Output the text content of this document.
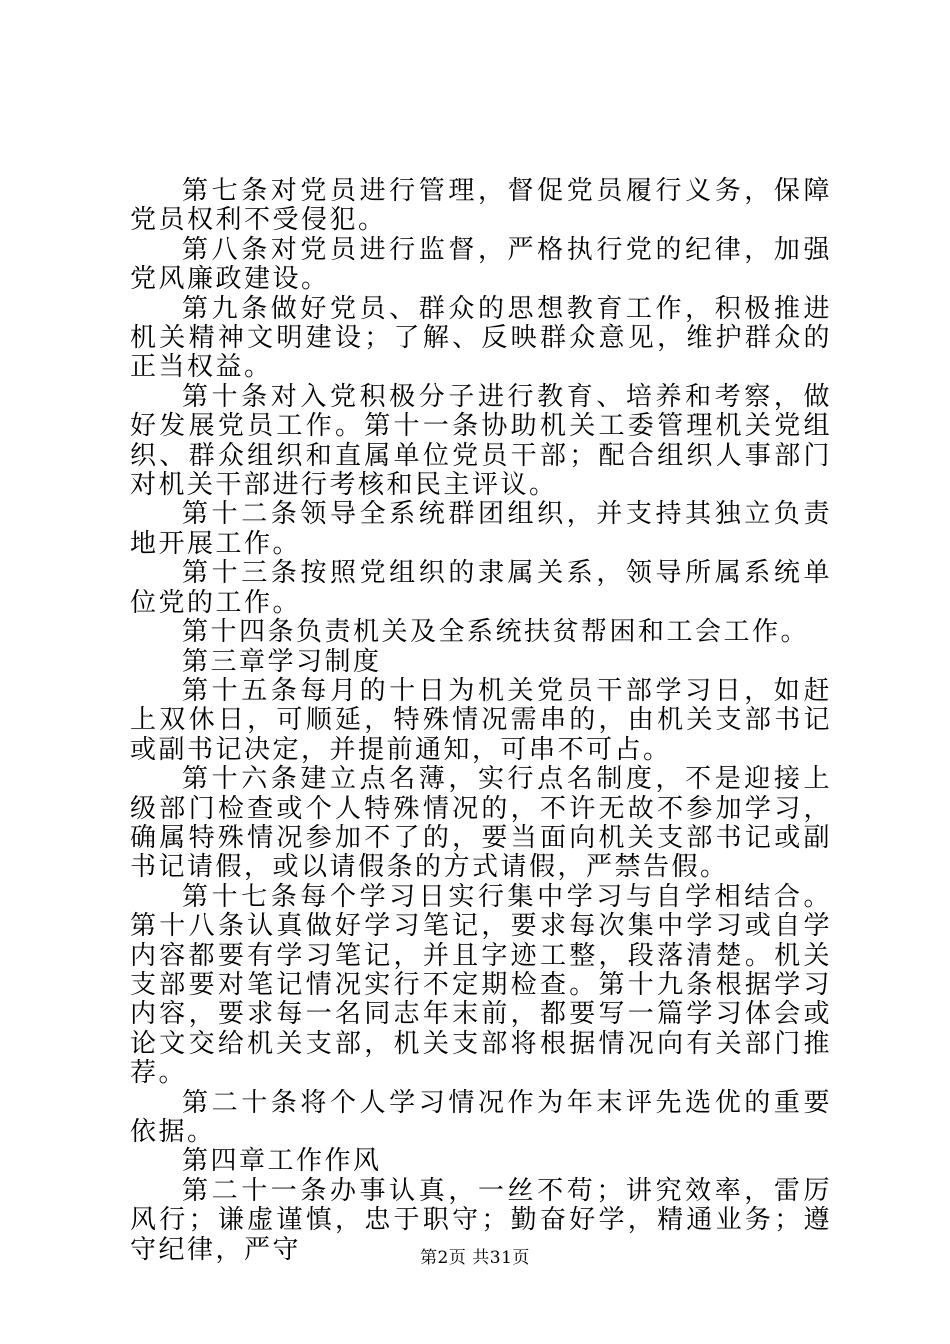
第七条对党员进行管理，督促党员履行义务，保障党员权利不受侵犯。

第八条对党员进行监督，严格执行党的纪律，加强党风廉政建设。

第九条做好党员、群众的思想教育工作，积极推进机关精神文明建设；了解、反映群众意见，维护群众的正当权益。

第十条对入党积极分子进行教育、培养和考察，做好发展党员工作。第十一条协助机关工委管理机关党组织、群众组织和直属单位党员干部；配合组织人事部门对机关干部进行考核和民主评议。

第十二条领导全系统群团组织，并支持其独立负责地开展工作。

第十三条按照党组织的隶属关系，领导所属系统单位党的工作。

第十四条负责机关及全系统扶贫帮困和工会工作。

第三章学习制度

第十五条每月的十日为机关党员干部学习日，如赶上双休日，可顺延，特殊情况需串的，由机关支部书记或副书记决定，并提前通知，可串不可占。

第十六条建立点名薄，实行点名制度，不是迎接上级部门检查或个人特殊情况的，不许无故不参加学习，确属特殊情况参加不了的，要当面向机关支部书记或副书记请假，或以请假条的方式请假，严禁告假。

第十七条每个学习日实行集中学习与自学相结合。第十八条认真做好学习笔记，要求每次集中学习或自学内容都要有学习笔记，并且字迹工整，段落清楚。机关支部要对笔记情况实行不定期检查。第十九条根据学习内容，要求每一名同志年末前，都要写一篇学习体会或论文交给机关支部，机关支部将根据情况向有关部门推荐。

第二十条将个人学习情况作为年末评先选优的重要依据。

第四章工作作风

第二十一条办事认真，一丝不苟；讲究效率，雷厉风行；谦虚谨慎，忠于职守；勤奋好学，精通业务；遵守纪律，严守	第2页 共31页
